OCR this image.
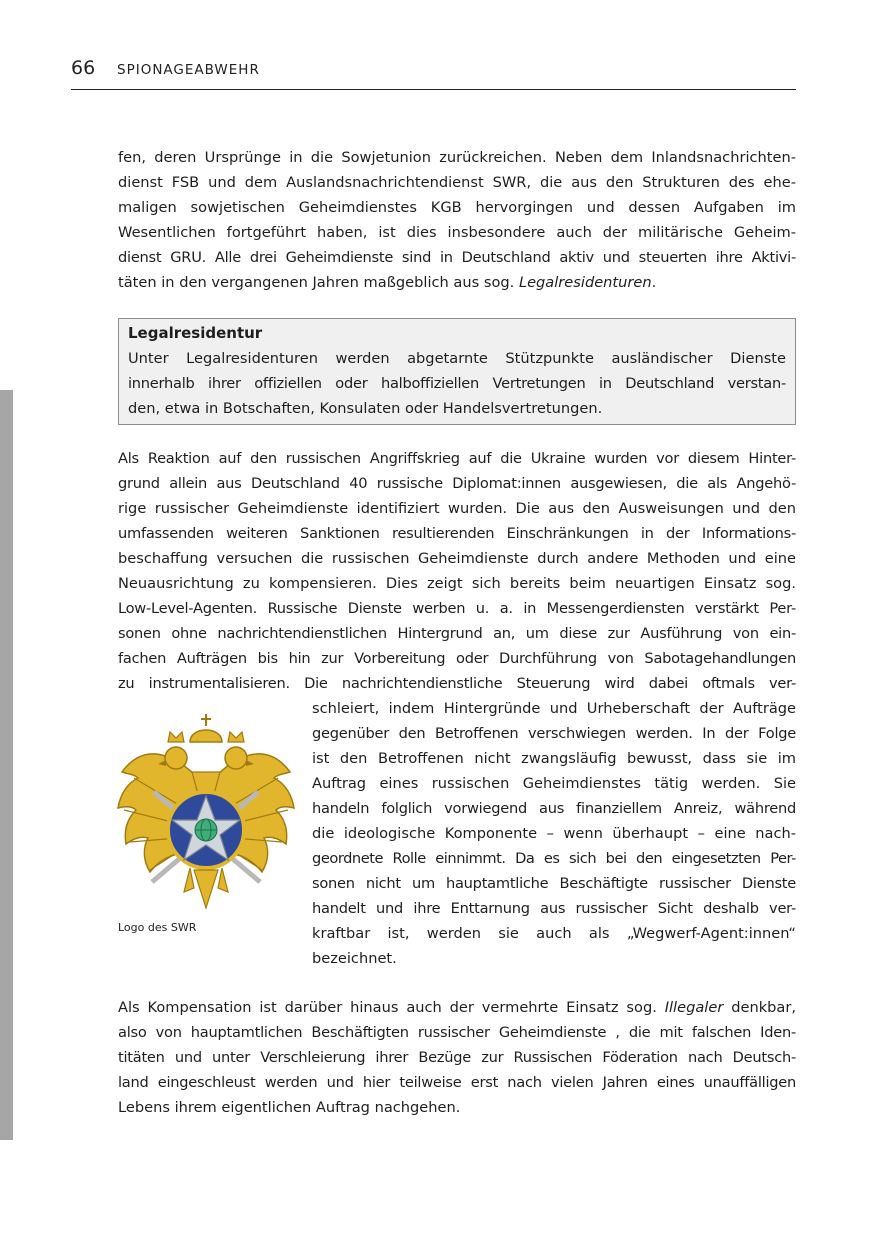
66 SPIONAGEABWEHR
fen, deren Ursprünge in die Sowjetunion zurückreichen. Neben dem Inlandsnachrichten-
dienst FSB und dem Auslandsnachrichtendienst SWR, die aus den Strukturen des ehe-
maligen sowjetischen Geheimdienstes KGB hervorgingen und dessen Aufgaben im
Wesentlichen fortgeführt haben, ist dies insbesondere auch der militärische Geheim-
dienst GRU. Alle drei Geheimdienste sind in Deutschland aktiv und steuerten ihre Aktivi-
täten in den vergangenen Jahren maßgeblich aus sog. Legalresidenturen.
Legalresidentur
Unter Legalresidenturen werden abgetarnte Stützpunkte ausländischer Dienste
innerhalb ihrer offiziellen oder halboffiziellen Vertretungen in Deutschland verstan-
den, etwa in Botschaften, Konsulaten oder Handelsvertretungen.
Als Reaktion auf den russischen Angriffskrieg auf die Ukraine wurden vor diesem Hinter-
grund allein aus Deutschland 40 russische Diplomat:innen ausgewiesen, die als Angehö-
rige russischer Geheimdienste identifiziert wurden. Die aus den Ausweisungen und den
umfassenden weiteren Sanktionen resultierenden Einschränkungen in der Informations-
beschaffung versuchen die russischen Geheimdienste durch andere Methoden und eine
Neuausrichtung zu kompensieren. Dies zeigt sich bereits beim neuartigen Einsatz sog.
Low-Level-Agenten. Russische Dienste werben u. a. in Messengerdiensten verstärkt Per-
sonen ohne nachrichtendienstlichen Hintergrund an, um diese zur Ausführung von ein-
fachen Aufträgen bis hin zur Vorbereitung oder Durchführung von Sabotagehandlungen
zu instrumentalisieren. Die nachrichtendienstliche Steuerung wird dabei oftmals ver-
schleiert, indem Hintergründe und Urheberschaft der Aufträge
gegenüber den Betroffenen verschwiegen werden. In der Folge
ist den Betroffenen nicht zwangsläufig bewusst, dass sie im
Auftrag eines russischen Geheimdienstes tätig werden. Sie
handeln folglich vorwiegend aus finanziellem Anreiz, während
die ideologische Komponente – wenn überhaupt – eine nach-
geordnete Rolle einnimmt. Da es sich bei den eingesetzten Per-
sonen nicht um hauptamtliche Beschäftigte russischer Dienste
handelt und ihre Enttarnung aus russischer Sicht deshalb ver-
kraftbar ist, werden sie auch als „Wegwerf-Agent:innen“
bezeichnet.
Logo des SWR
Als Kompensation ist darüber hinaus auch der vermehrte Einsatz sog. Illegaler denkbar,
also von hauptamtlichen Beschäftigten russischer Geheimdienste , die mit falschen Iden-
titäten und unter Verschleierung ihrer Bezüge zur Russischen Föderation nach Deutsch-
land eingeschleust werden und hier teilweise erst nach vielen Jahren eines unauffälligen
Lebens ihrem eigentlichen Auftrag nachgehen.
